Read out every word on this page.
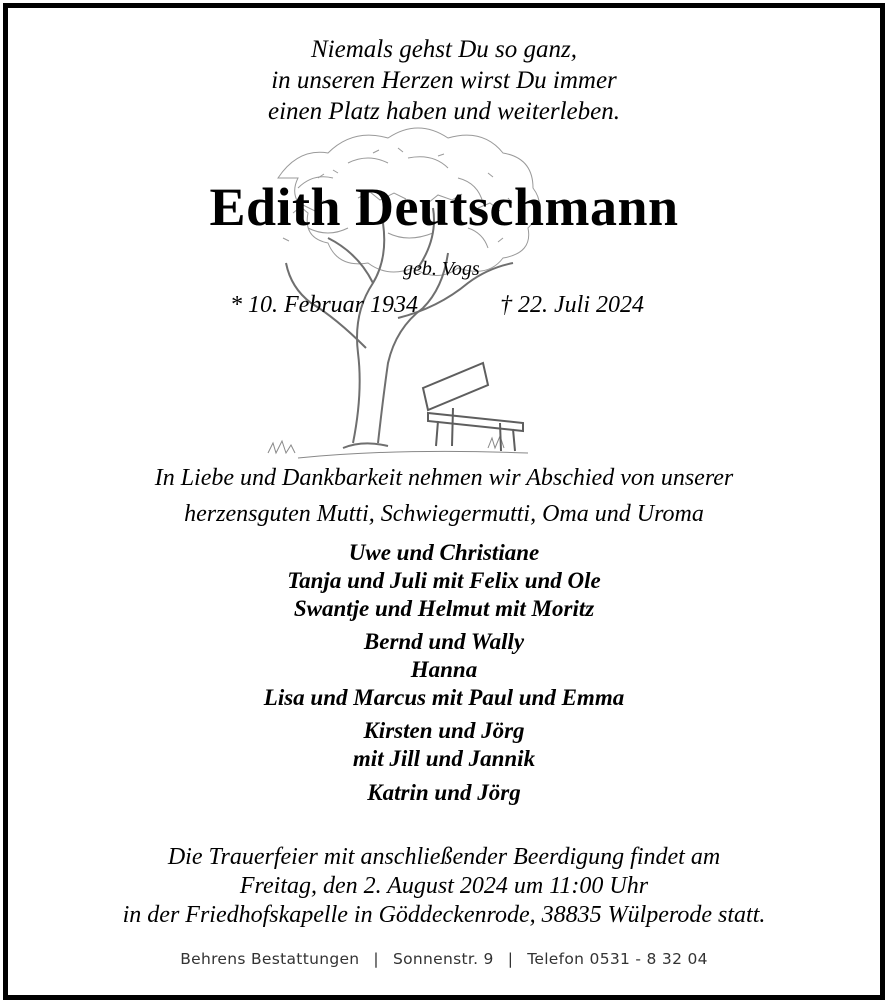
Niemals gehst Du so ganz,
in unseren Herzen wirst Du immer
einen Platz haben und weiterleben.
Edith Deutschmann
geb. Vogs
* 10. Februar 1934	† 22. Juli 2024
In Liebe und Dankbarkeit nehmen wir Abschied von unserer
herzensguten Mutti, Schwiegermutti, Oma und Uroma
Uwe und Christiane
Tanja und Juli mit Felix und Ole
Swantje und Helmut mit Moritz
Bernd und Wally
Hanna
Lisa und Marcus mit Paul und Emma
Kirsten und Jörg
mit Jill und Jannik
Katrin und Jörg
Die Trauerfeier mit anschließender Beerdigung findet am
Freitag, den 2. August 2024 um 11:00 Uhr
in der Friedhofskapelle in Göddeckenrode, 38835 Wülperode statt.
Behrens Bestattungen | Sonnenstr. 9 | Telefon 0531 - 8 32 04
